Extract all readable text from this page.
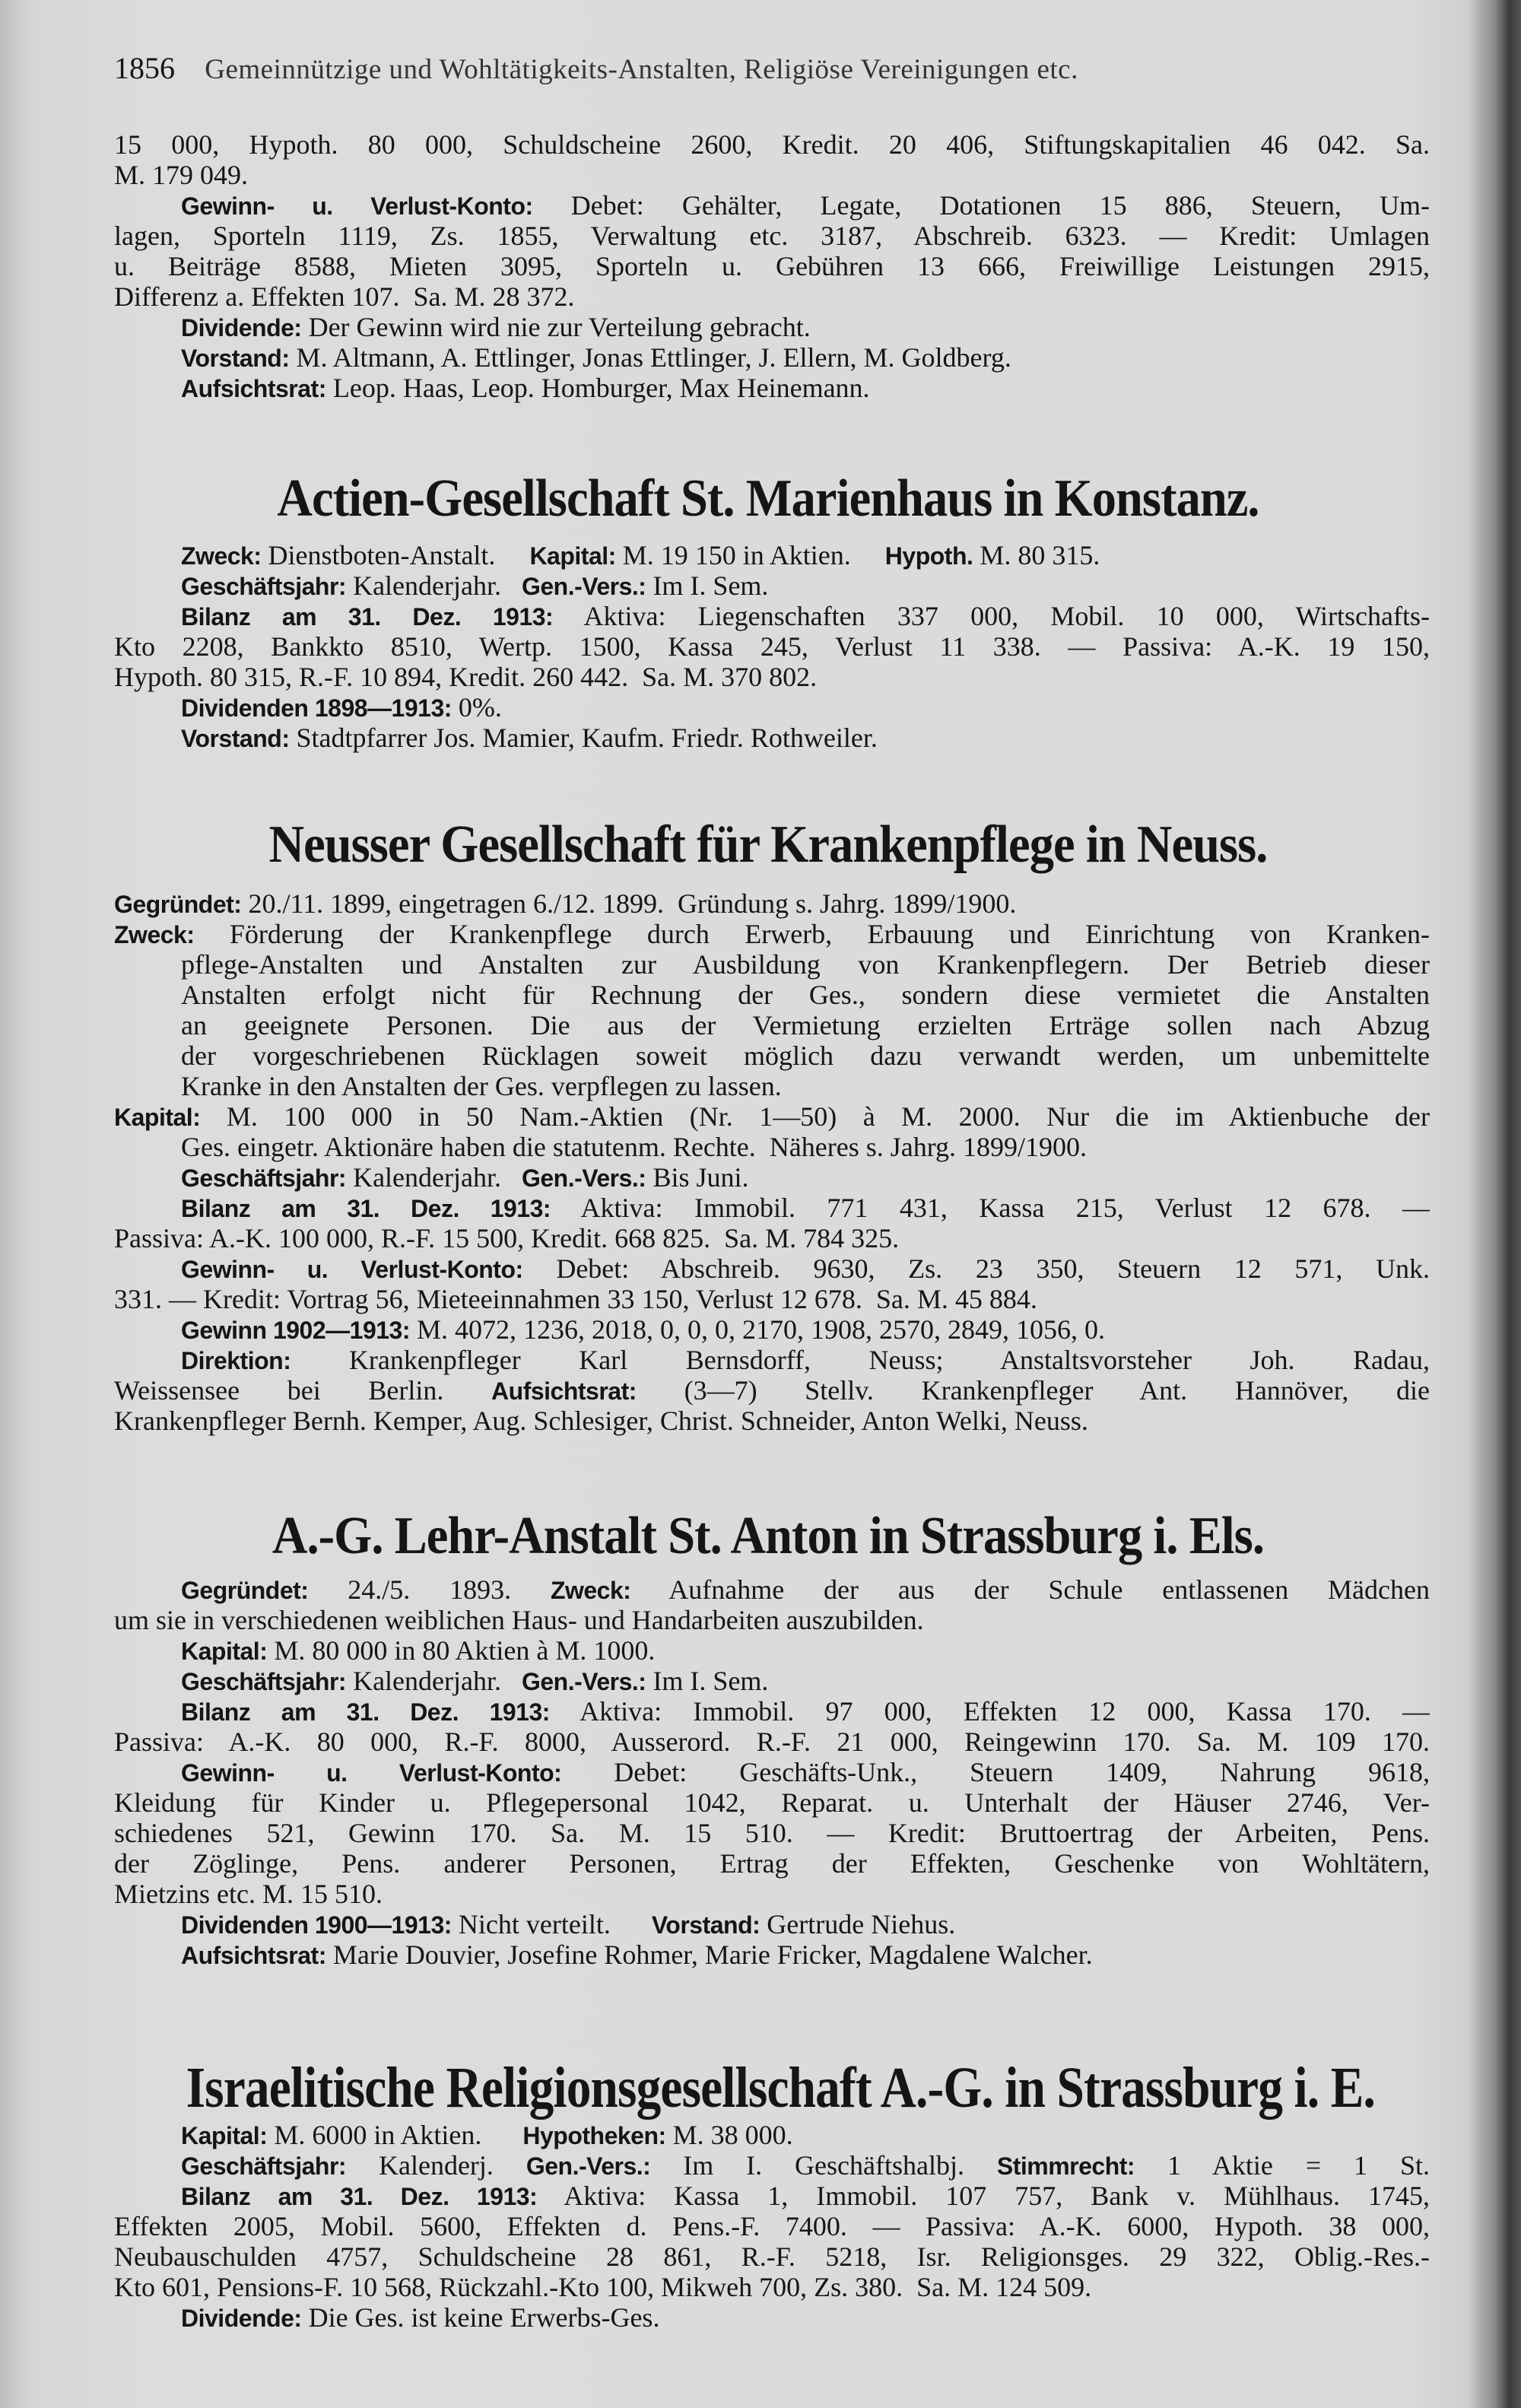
1856 Gemeinnützige und Wohltätigkeits-Anstalten, Religiöse Vereinigungen etc.
15 000, Hypoth. 80 000, Schuldscheine 2600, Kredit. 20 406, Stiftungskapitalien 46 042. Sa.
M. 179 049.
Gewinn- u. Verlust-Konto: Debet: Gehälter, Legate, Dotationen 15 886, Steuern, Um-
lagen, Sporteln 1119, Zs. 1855, Verwaltung etc. 3187, Abschreib. 6323. — Kredit: Umlagen
u. Beiträge 8588, Mieten 3095, Sporteln u. Gebühren 13 666, Freiwillige Leistungen 2915,
Differenz a. Effekten 107.  Sa. M. 28 372.
Dividende: Der Gewinn wird nie zur Verteilung gebracht.
Vorstand: M. Altmann, A. Ettlinger, Jonas Ettlinger, J. Ellern, M. Goldberg.
Aufsichtsrat: Leop. Haas, Leop. Homburger, Max Heinemann.
Actien-Gesellschaft St. Marienhaus in Konstanz.
Zweck: Dienstboten-Anstalt.     Kapital: M. 19 150 in Aktien.     Hypoth. M. 80 315.
Geschäftsjahr: Kalenderjahr.   Gen.-Vers.: Im I. Sem.
Bilanz am 31. Dez. 1913: Aktiva: Liegenschaften 337 000, Mobil. 10 000, Wirtschafts-
Kto 2208, Bankkto 8510, Wertp. 1500, Kassa 245, Verlust 11 338. — Passiva: A.-K. 19 150,
Hypoth. 80 315, R.-F. 10 894, Kredit. 260 442.  Sa. M. 370 802.
Dividenden 1898—1913: 0%.
Vorstand: Stadtpfarrer Jos. Mamier, Kaufm. Friedr. Rothweiler.
Neusser Gesellschaft für Krankenpflege in Neuss.
Gegründet: 20./11. 1899, eingetragen 6./12. 1899.  Gründung s. Jahrg. 1899/1900.
Zweck: Förderung der Krankenpflege durch Erwerb, Erbauung und Einrichtung von Kranken-
pflege-Anstalten und Anstalten zur Ausbildung von Krankenpflegern. Der Betrieb dieser
Anstalten erfolgt nicht für Rechnung der Ges., sondern diese vermietet die Anstalten
an geeignete Personen. Die aus der Vermietung erzielten Erträge sollen nach Abzug
der vorgeschriebenen Rücklagen soweit möglich dazu verwandt werden, um unbemittelte
Kranke in den Anstalten der Ges. verpflegen zu lassen.
Kapital: M. 100 000 in 50 Nam.-Aktien (Nr. 1—50) à M. 2000. Nur die im Aktienbuche der
Ges. eingetr. Aktionäre haben die statutenm. Rechte.  Näheres s. Jahrg. 1899/1900.
Geschäftsjahr: Kalenderjahr.   Gen.-Vers.: Bis Juni.
Bilanz am 31. Dez. 1913: Aktiva: Immobil. 771 431, Kassa 215, Verlust 12 678. —
Passiva: A.-K. 100 000, R.-F. 15 500, Kredit. 668 825.  Sa. M. 784 325.
Gewinn- u. Verlust-Konto: Debet: Abschreib. 9630, Zs. 23 350, Steuern 12 571, Unk.
331. — Kredit: Vortrag 56, Mieteeinnahmen 33 150, Verlust 12 678.  Sa. M. 45 884.
Gewinn 1902—1913: M. 4072, 1236, 2018, 0, 0, 0, 2170, 1908, 2570, 2849, 1056, 0.
Direktion: Krankenpfleger Karl Bernsdorff, Neuss; Anstaltsvorsteher Joh. Radau,
Weissensee bei Berlin. Aufsichtsrat: (3—7) Stellv. Krankenpfleger Ant. Hannöver, die
Krankenpfleger Bernh. Kemper, Aug. Schlesiger, Christ. Schneider, Anton Welki, Neuss.
A.-G. Lehr-Anstalt St. Anton in Strassburg i. Els.
Gegründet: 24./5. 1893. Zweck: Aufnahme der aus der Schule entlassenen Mädchen
um sie in verschiedenen weiblichen Haus- und Handarbeiten auszubilden.
Kapital: M. 80 000 in 80 Aktien à M. 1000.
Geschäftsjahr: Kalenderjahr.   Gen.-Vers.: Im I. Sem.
Bilanz am 31. Dez. 1913: Aktiva: Immobil. 97 000, Effekten 12 000, Kassa 170. —
Passiva: A.-K. 80 000, R.-F. 8000, Ausserord. R.-F. 21 000, Reingewinn 170. Sa. M. 109 170.
Gewinn- u. Verlust-Konto: Debet: Geschäfts-Unk., Steuern 1409, Nahrung 9618,
Kleidung für Kinder u. Pflegepersonal 1042, Reparat. u. Unterhalt der Häuser 2746, Ver-
schiedenes 521, Gewinn 170. Sa. M. 15 510. — Kredit: Bruttoertrag der Arbeiten, Pens.
der Zöglinge, Pens. anderer Personen, Ertrag der Effekten, Geschenke von Wohltätern,
Mietzins etc. M. 15 510.
Dividenden 1900—1913: Nicht verteilt.      Vorstand: Gertrude Niehus.
Aufsichtsrat: Marie Douvier, Josefine Rohmer, Marie Fricker, Magdalene Walcher.
Israelitische Religionsgesellschaft A.-G. in Strassburg i. E.
Kapital: M. 6000 in Aktien.      Hypotheken: M. 38 000.
Geschäftsjahr: Kalenderj. Gen.-Vers.: Im I. Geschäftshalbj. Stimmrecht: 1 Aktie = 1 St.
Bilanz am 31. Dez. 1913: Aktiva: Kassa 1, Immobil. 107 757, Bank v. Mühlhaus. 1745,
Effekten 2005, Mobil. 5600, Effekten d. Pens.-F. 7400. — Passiva: A.-K. 6000, Hypoth. 38 000,
Neubauschulden 4757, Schuldscheine 28 861, R.-F. 5218, Isr. Religionsges. 29 322, Oblig.-Res.-
Kto 601, Pensions-F. 10 568, Rückzahl.-Kto 100, Mikweh 700, Zs. 380.  Sa. M. 124 509.
Dividende: Die Ges. ist keine Erwerbs-Ges.
